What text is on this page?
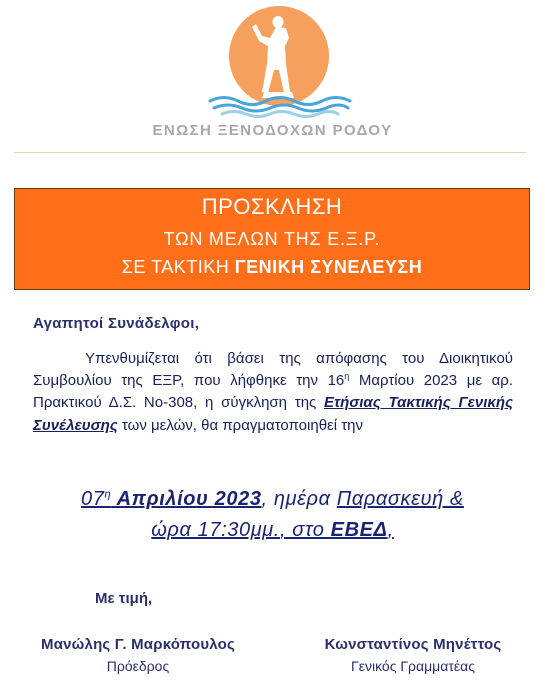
ΕΝΩΣΗ ΞΕΝΟΔΟΧΩΝ ΡΟΔΟΥ
ΠΡΟΣΚΛΗΣΗ
ΤΩΝ ΜΕΛΩΝ ΤΗΣ Ε.Ξ.Ρ.
ΣΕ ΤΑΚΤΙΚΗ ΓΕΝΙΚΗ ΣΥΝΕΛΕΥΣΗ
Αγαπητοί Συνάδελφοι,
Υπενθυμίζεται ότι βάσει της απόφασης του Διοικητικού Συμβουλίου της ΕΞΡ, που λήφθηκε την $16^\eta$ Μαρτίου 2023 με αρ. Πρακτικού Δ.Σ. Νο-308, η σύγκληση της Ετήσιας Τακτικής Γενικής Συνέλευσης των μελών, θα πραγματοποιηθεί την
$07^\eta$ Απριλίου 2023, ημέρα Παρασκευή &
ώρα 17:30μμ., στο ΕΒΕΔ,
Με τιμή,
Μανώλης Γ. Μαρκόπουλος
Πρόεδρος
Κωνσταντίνος Μηνέττος
Γενικός Γραμματέας
